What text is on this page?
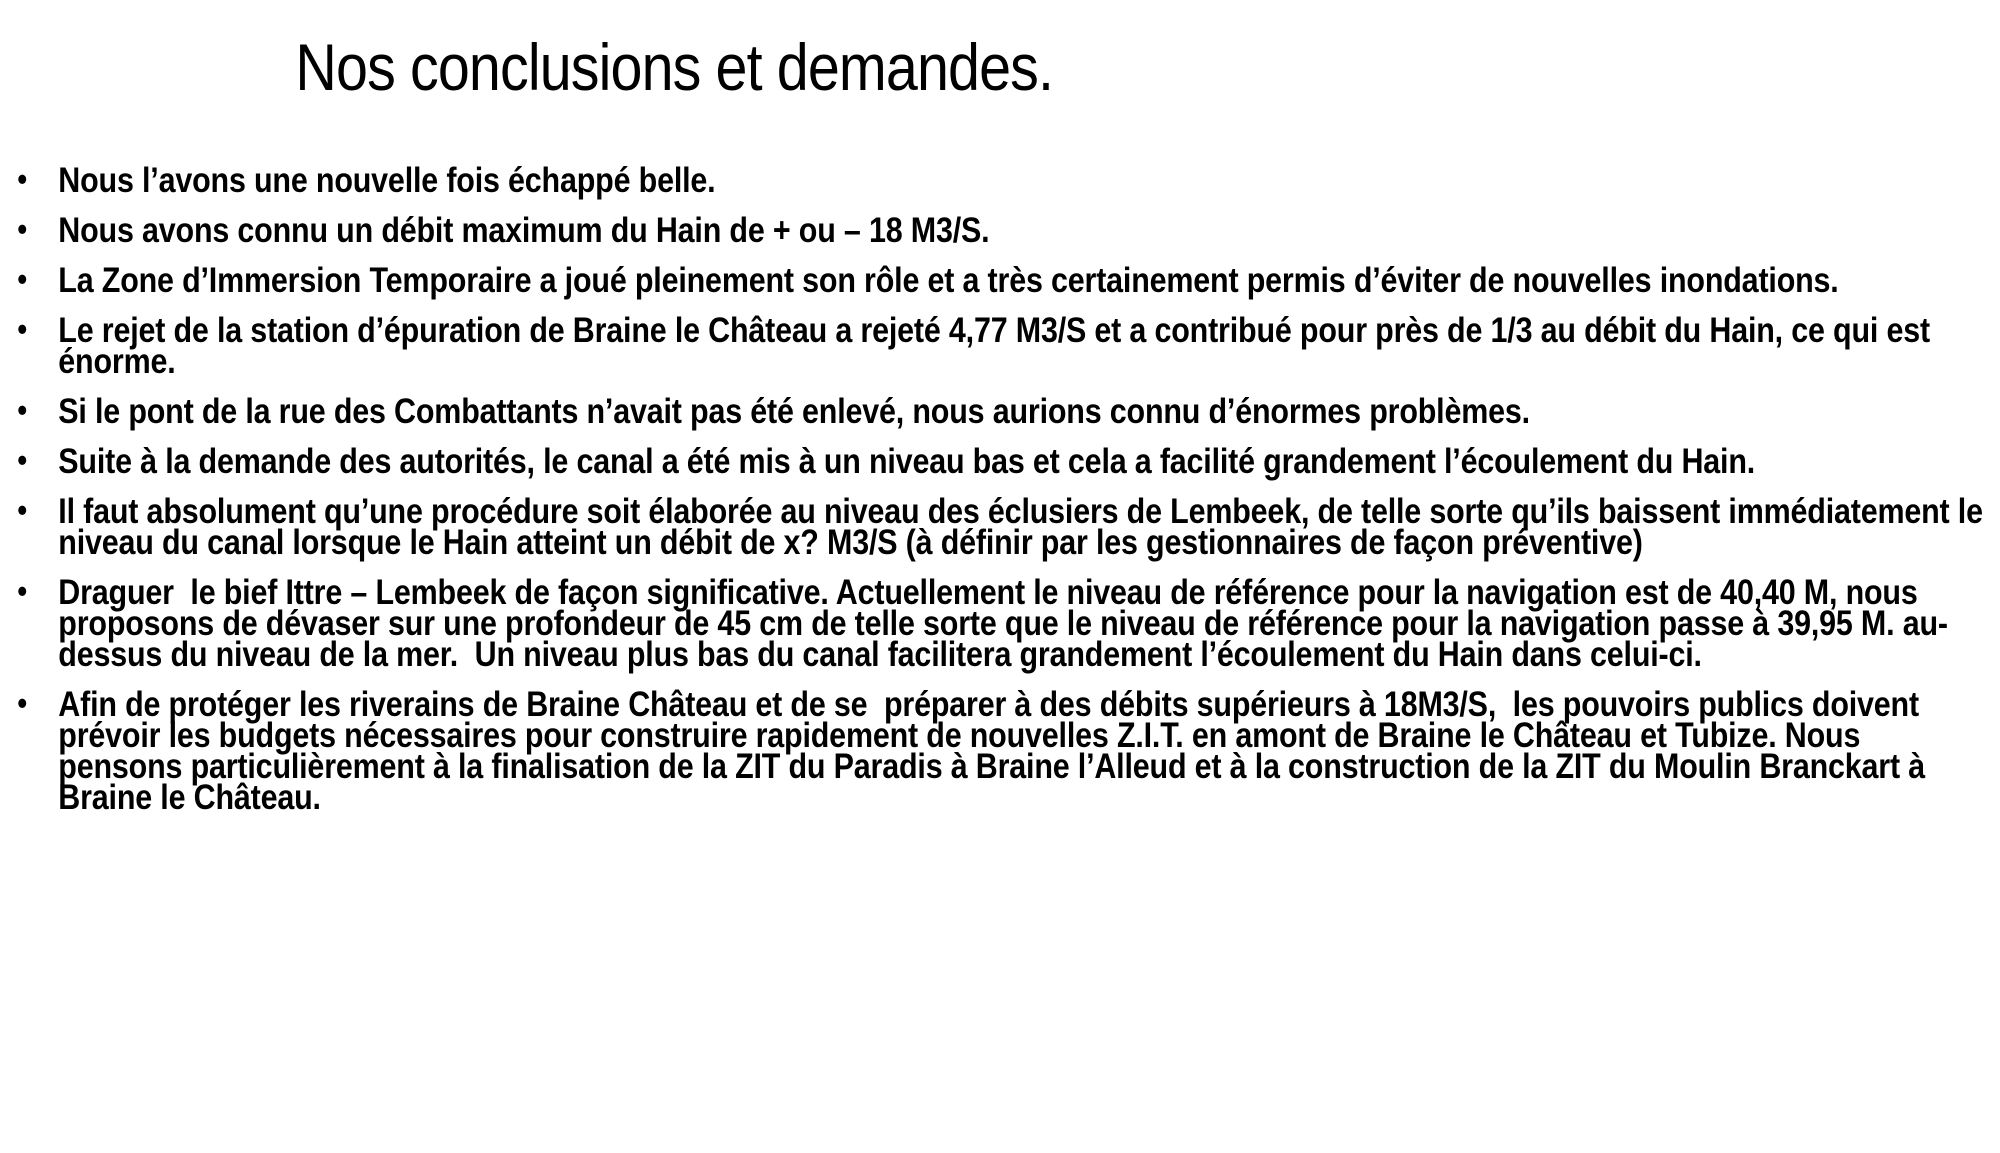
Nos conclusions et demandes.
• Nous l’avons une nouvelle fois échappé belle.
• Nous avons connu un débit maximum du Hain de + ou – 18 M3/S.
• La Zone d’Immersion Temporaire a joué pleinement son rôle et a très certainement permis d’éviter de nouvelles inondations.
• Le rejet de la station d’épuration de Braine le Château a rejeté 4,77 M3/S et a contribué pour près de 1/3 au débit du Hain, ce qui est énorme.
• Si le pont de la rue des Combattants n’avait pas été enlevé, nous aurions connu d’énormes problèmes.
• Suite à la demande des autorités, le canal a été mis à un niveau bas et cela a facilité grandement l’écoulement du Hain.
• Il faut absolument qu’une procédure soit élaborée au niveau des éclusiers de Lembeek, de telle sorte qu’ils baissent immédiatement le niveau du canal lorsque le Hain atteint un débit de x? M3/S (à définir par les gestionnaires de façon préventive)
• Draguer  le bief Ittre – Lembeek de façon significative. Actuellement le niveau de référence pour la navigation est de 40,40 M, nous proposons de dévaser sur une profondeur de 45 cm de telle sorte que le niveau de référence pour la navigation passe à 39,95 M. au-dessus du niveau de la mer.  Un niveau plus bas du canal facilitera grandement l’écoulement du Hain dans celui-ci.
• Afin de protéger les riverains de Braine Château et de se  préparer à des débits supérieurs à 18M3/S,  les pouvoirs publics doivent prévoir les budgets nécessaires pour construire rapidement de nouvelles Z.I.T. en amont de Braine le Château et Tubize. Nous pensons particulièrement à la finalisation de la ZIT du Paradis à Braine l’Alleud et à la construction de la ZIT du Moulin Branckart à Braine le Château.
